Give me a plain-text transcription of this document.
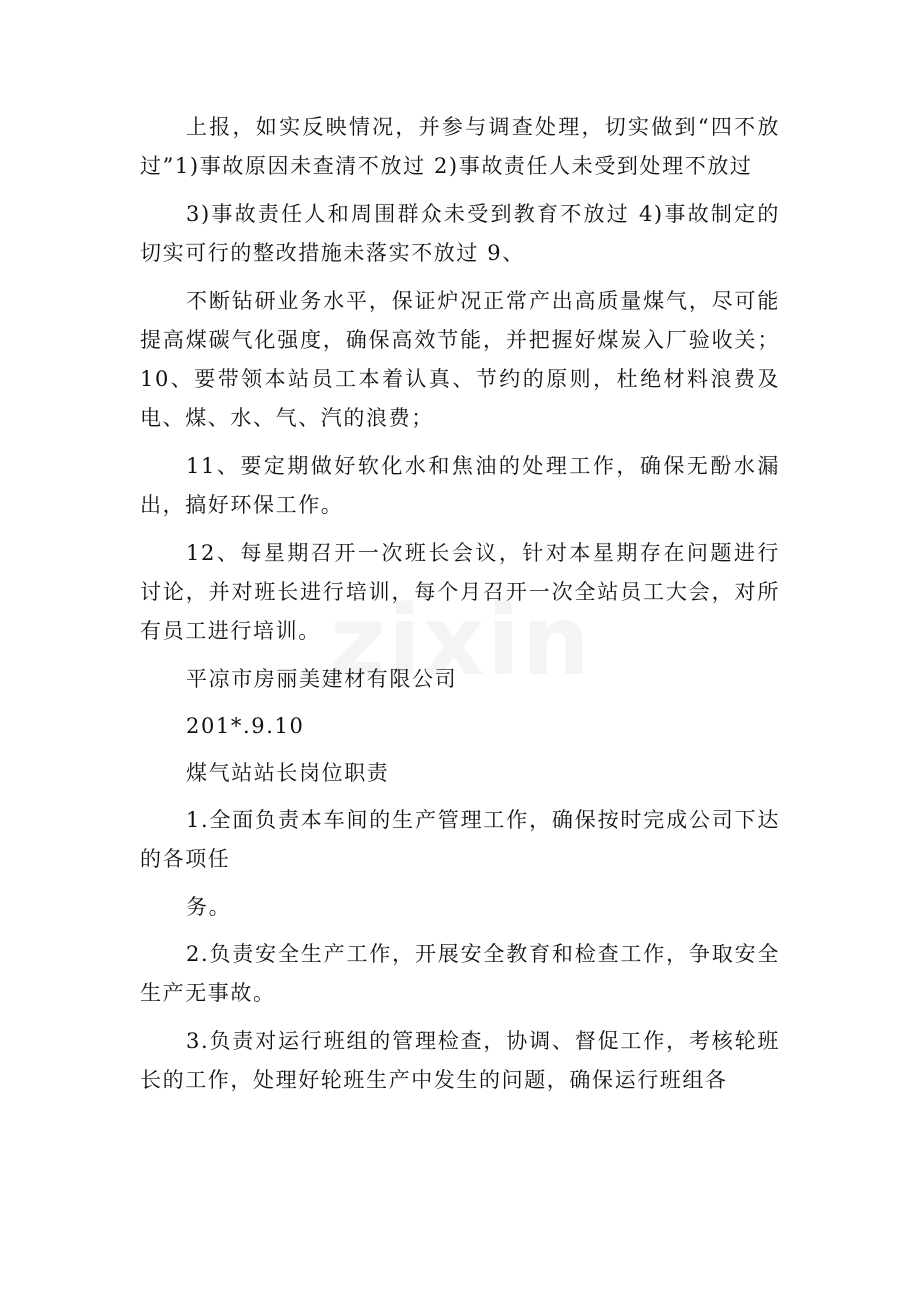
上报，如实反映情况，并参与调查处理，切实做到“四不放过”1)事故原因未查清不放过 2)事故责任人未受到处理不放过

3)事故责任人和周围群众未受到教育不放过 4)事故制定的切实可行的整改措施未落实不放过 9、

不断钻研业务水平，保证炉况正常产出高质量煤气，尽可能提高煤碳气化强度，确保高效节能，并把握好煤炭入厂验收关；10、要带领本站员工本着认真、节约的原则，杜绝材料浪费及电、煤、水、气、汽的浪费；

11、要定期做好软化水和焦油的处理工作，确保无酚水漏出，搞好环保工作。

12、每星期召开一次班长会议，针对本星期存在问题进行讨论，并对班长进行培训，每个月召开一次全站员工大会，对所有员工进行培训。

平凉市房丽美建材有限公司

201*.9.10

煤气站站长岗位职责

1.全面负责本车间的生产管理工作，确保按时完成公司下达的各项任

务。

2.负责安全生产工作，开展安全教育和检查工作，争取安全生产无事故。

3.负责对运行班组的管理检查，协调、督促工作，考核轮班长的工作，处理好轮班生产中发生的问题，确保运行班组各
